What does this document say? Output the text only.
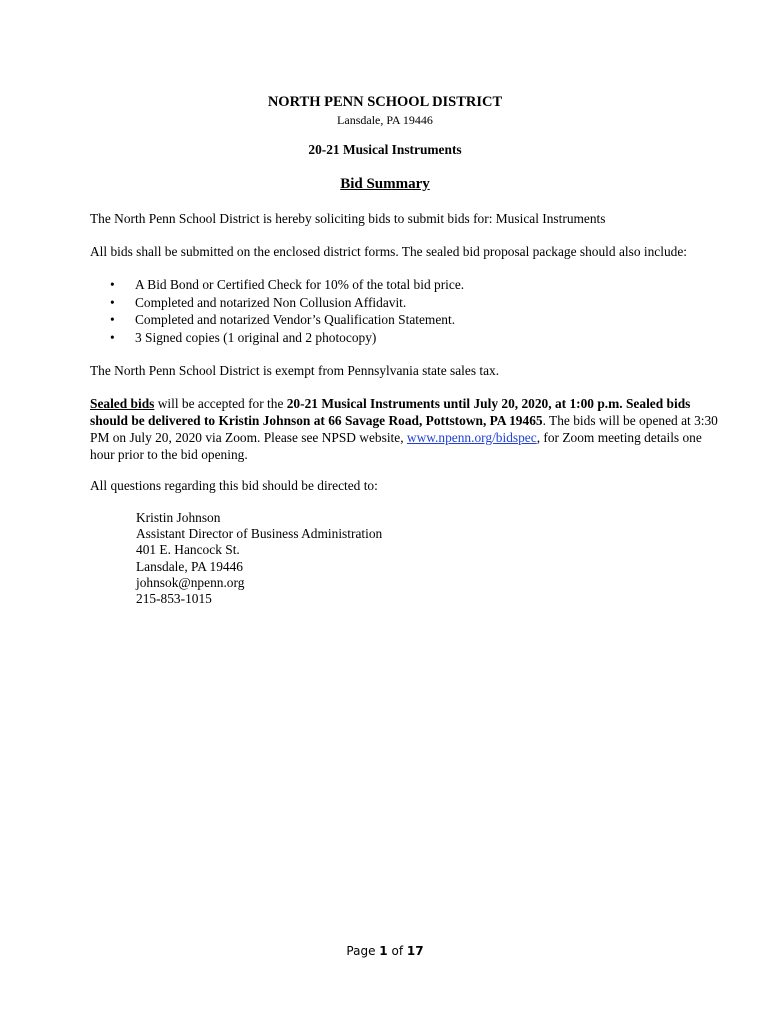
NORTH PENN SCHOOL DISTRICT
Lansdale, PA 19446
20-21 Musical Instruments
Bid Summary
The North Penn School District is hereby soliciting bids to submit bids for: Musical Instruments
All bids shall be submitted on the enclosed district forms. The sealed bid proposal package should also include:
• A Bid Bond or Certified Check for 10% of the total bid price.
• Completed and notarized Non Collusion Affidavit.
• Completed and notarized Vendor’s Qualification Statement.
• 3 Signed copies (1 original and 2 photocopy)
The North Penn School District is exempt from Pennsylvania state sales tax.
Sealed bids will be accepted for the 20-21 Musical Instruments until July 20, 2020, at 1:00 p.m. Sealed bids should be delivered to Kristin Johnson at 66 Savage Road, Pottstown, PA 19465. The bids will be opened at 3:30 PM on July 20, 2020 via Zoom. Please see NPSD website, www.npenn.org/bidspec, for Zoom meeting details one hour prior to the bid opening.
All questions regarding this bid should be directed to:
Kristin Johnson
Assistant Director of Business Administration
401 E. Hancock St.
Lansdale, PA 19446
johnsok@npenn.org
215-853-1015
Page 1 of 17
